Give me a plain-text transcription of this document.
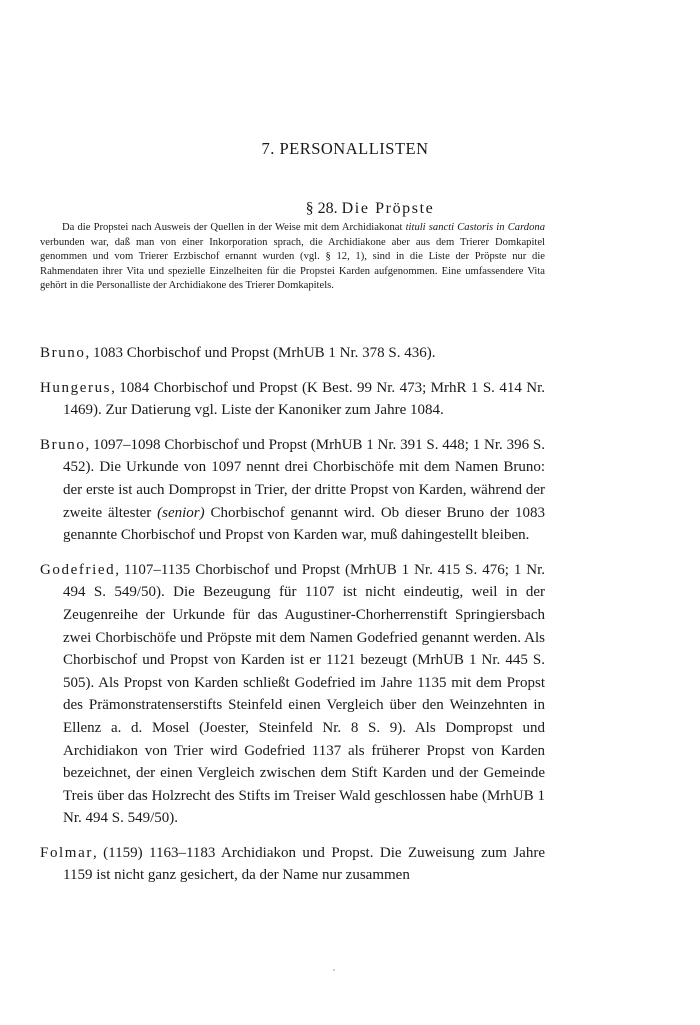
7. PERSONALLISTEN
§ 28. Die Pröpste

Da die Propstei nach Ausweis der Quellen in der Weise mit dem Archidiakonat tituli sancti Castoris in Cardona verbunden war, daß man von einer Inkorporation sprach, die Archidiakone aber aus dem Trierer Domkapitel genommen und vom Trierer Erzbischof ernannt wurden (vgl. § 12, 1), sind in die Liste der Pröpste nur die Rahmendaten ihrer Vita und spezielle Einzelheiten für die Propstei Karden aufgenommen. Eine umfassendere Vita gehört in die Personalliste der Archidiakone des Trierer Domkapitels.

Bruno, 1083 Chorbischof und Propst (MrhUB 1 Nr. 378 S. 436).

Hungerus, 1084 Chorbischof und Propst (K Best. 99 Nr. 473; MrhR 1 S. 414 Nr. 1469). Zur Datierung vgl. Liste der Kanoniker zum Jahre 1084.

Bruno, 1097–1098 Chorbischof und Propst (MrhUB 1 Nr. 391 S. 448; 1 Nr. 396 S. 452). Die Urkunde von 1097 nennt drei Chorbischöfe mit dem Namen Bruno: der erste ist auch Dompropst in Trier, der dritte Propst von Karden, während der zweite ältester (senior) Chorbischof genannt wird. Ob dieser Bruno der 1083 genannte Chorbischof und Propst von Karden war, muß dahingestellt bleiben.

Godefried, 1107–1135 Chorbischof und Propst (MrhUB 1 Nr. 415 S. 476; 1 Nr. 494 S. 549/50). Die Bezeugung für 1107 ist nicht eindeutig, weil in der Zeugenreihe der Urkunde für das Augustiner-Chorherrenstift Springiersbach zwei Chorbischöfe und Pröpste mit dem Namen Godefried genannt werden. Als Chorbischof und Propst von Karden ist er 1121 bezeugt (MrhUB 1 Nr. 445 S. 505). Als Propst von Karden schließt Godefried im Jahre 1135 mit dem Propst des Prämonstratenserstifts Steinfeld einen Vergleich über den Weinzehnten in Ellenz a. d. Mosel (Joester, Steinfeld Nr. 8 S. 9). Als Dompropst und Archidiakon von Trier wird Godefried 1137 als früherer Propst von Karden bezeichnet, der einen Vergleich zwischen dem Stift Karden und der Gemeinde Treis über das Holzrecht des Stifts im Treiser Wald geschlossen habe (MrhUB 1 Nr. 494 S. 549/50).

Folmar, (1159) 1163–1183 Archidiakon und Propst. Die Zuweisung zum Jahre 1159 ist nicht ganz gesichert, da der Name nur zusammen
